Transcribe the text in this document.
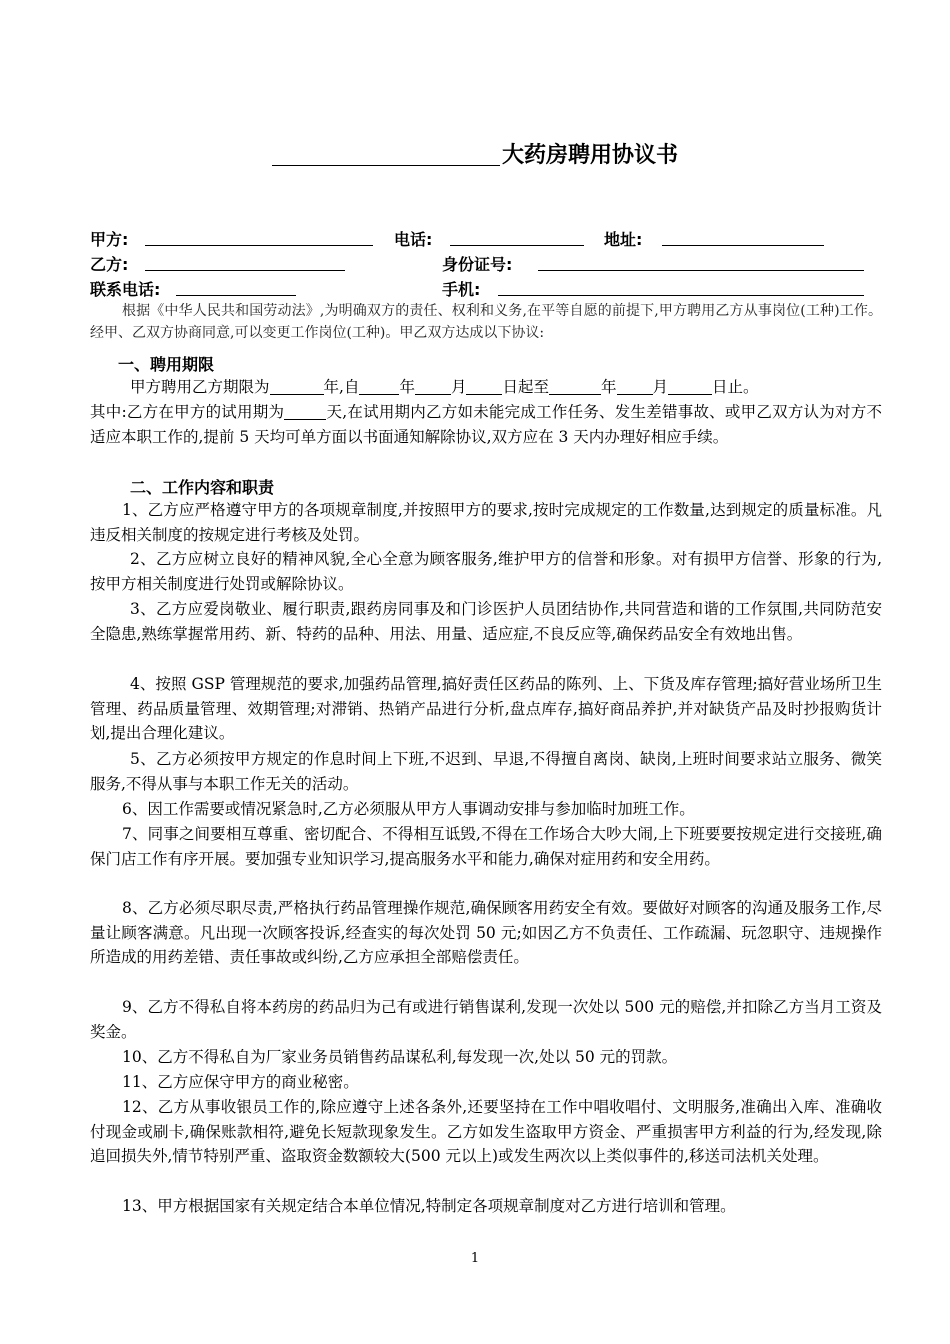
大药房聘用协议书
甲方:	电话:	地址:
乙方:	身份证号:
联系电话:	手机:
根据《中华人民共和国劳动法》,为明确双方的责任、权利和义务,在平等自愿的前提下,甲方聘用乙方从事岗位(工种)工作。经甲、乙双方协商同意,可以变更工作岗位(工种)。甲乙双方达成以下协议:
一、聘用期限
甲方聘用乙方期限为	年,自	年 月 日起至	年 月	日止。
其中:乙方在甲方的试用期为	天,在试用期内乙方如未能完成工作任务、发生差错事故、或甲乙双方认为对方不适应本职工作的,提前 5 天均可单方面以书面通知解除协议,双方应在 3 天内办理好相应手续。
二、工作内容和职责
1、乙方应严格遵守甲方的各项规章制度,并按照甲方的要求,按时完成规定的工作数量,达到规定的质量标准。凡违反相关制度的按规定进行考核及处罚。
2、乙方应树立良好的精神风貌,全心全意为顾客服务,维护甲方的信誉和形象。对有损甲方信誉、形象的行为,按甲方相关制度进行处罚或解除协议。
3、乙方应爱岗敬业、履行职责,跟药房同事及和门诊医护人员团结协作,共同营造和谐的工作氛围,共同防范安全隐患,熟练掌握常用药、新、特药的品种、用法、用量、适应症,不良反应等,确保药品安全有效地出售。
4、按照 GSP 管理规范的要求,加强药品管理,搞好责任区药品的陈列、上、下货及库存管理;搞好营业场所卫生管理、药品质量管理、效期管理;对滞销、热销产品进行分析,盘点库存,搞好商品养护,并对缺货产品及时抄报购货计划,提出合理化建议。
5、乙方必须按甲方规定的作息时间上下班,不迟到、早退,不得擅自离岗、缺岗,上班时间要求站立服务、微笑服务,不得从事与本职工作无关的活动。
6、因工作需要或情况紧急时,乙方必须服从甲方人事调动安排与参加临时加班工作。
7、同事之间要相互尊重、密切配合、不得相互诋毁,不得在工作场合大吵大闹,上下班要要按规定进行交接班,确保门店工作有序开展。要加强专业知识学习,提高服务水平和能力,确保对症用药和安全用药。
8、乙方必须尽职尽责,严格执行药品管理操作规范,确保顾客用药安全有效。要做好对顾客的沟通及服务工作,尽量让顾客满意。凡出现一次顾客投诉,经查实的每次处罚 50 元;如因乙方不负责任、工作疏漏、玩忽职守、违规操作所造成的用药差错、责任事故或纠纷,乙方应承担全部赔偿责任。
9、乙方不得私自将本药房的药品归为己有或进行销售谋利,发现一次处以 500 元的赔偿,并扣除乙方当月工资及奖金。
10、乙方不得私自为厂家业务员销售药品谋私利,每发现一次,处以 50 元的罚款。
11、乙方应保守甲方的商业秘密。
12、乙方从事收银员工作的,除应遵守上述各条外,还要坚持在工作中唱收唱付、文明服务,准确出入库、准确收付现金或刷卡,确保账款相符,避免长短款现象发生。乙方如发生盗取甲方资金、严重损害甲方利益的行为,经发现,除追回损失外,情节特别严重、盗取资金数额较大(500 元以上)或发生两次以上类似事件的,移送司法机关处理。
13、甲方根据国家有关规定结合本单位情况,特制定各项规章制度对乙方进行培训和管理。
1
